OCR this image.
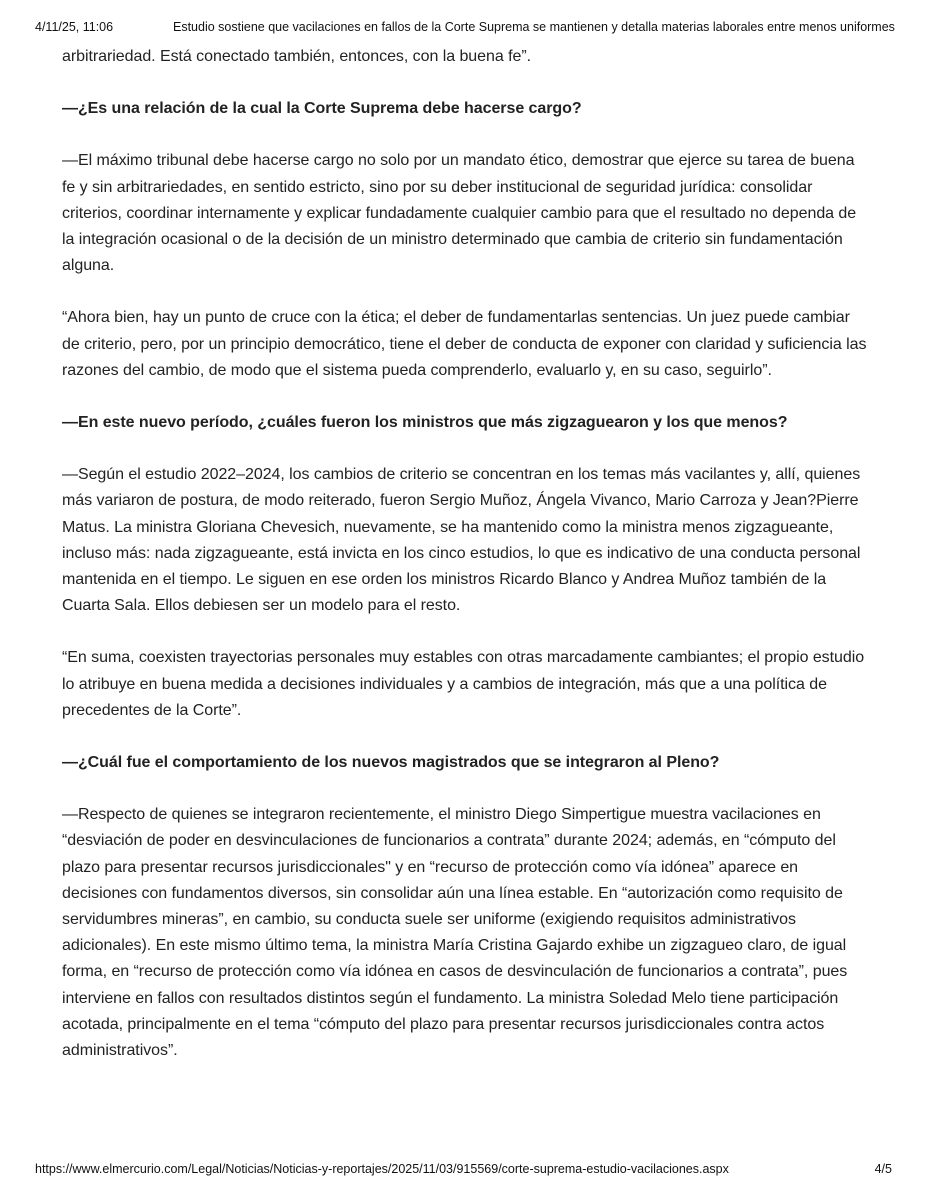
4/11/25, 11:06	Estudio sostiene que vacilaciones en fallos de la Corte Suprema se mantienen y detalla materias laborales entre menos uniformes

arbitrariedad. Está conectado también, entonces, con la buena fe”.

—¿Es una relación de la cual la Corte Suprema debe hacerse cargo?

—El máximo tribunal debe hacerse cargo no solo por un mandato ético, demostrar que ejerce su tarea de buena fe y sin arbitrariedades, en sentido estricto, sino por su deber institucional de seguridad jurídica: consolidar criterios, coordinar internamente y explicar fundadamente cualquier cambio para que el resultado no dependa de la integración ocasional o de la decisión de un ministro determinado que cambia de criterio sin fundamentación alguna.

“Ahora bien, hay un punto de cruce con la ética; el deber de fundamentarlas sentencias. Un juez puede cambiar de criterio, pero, por un principio democrático, tiene el deber de conducta de exponer con claridad y suficiencia las razones del cambio, de modo que el sistema pueda comprenderlo, evaluarlo y, en su caso, seguirlo”.

—En este nuevo período, ¿cuáles fueron los ministros que más zigzaguearon y los que menos?

—Según el estudio 2022–2024, los cambios de criterio se concentran en los temas más vacilantes y, allí, quienes más variaron de postura, de modo reiterado, fueron Sergio Muñoz, Ángela Vivanco, Mario Carroza y Jean?Pierre Matus. La ministra Gloriana Chevesich, nuevamente, se ha mantenido como la ministra menos zigzagueante, incluso más: nada zigzagueante, está invicta en los cinco estudios, lo que es indicativo de una conducta personal mantenida en el tiempo. Le siguen en ese orden los ministros Ricardo Blanco y Andrea Muñoz también de la Cuarta Sala. Ellos debiesen ser un modelo para el resto.

“En suma, coexisten trayectorias personales muy estables con otras marcadamente cambiantes; el propio estudio lo atribuye en buena medida a decisiones individuales y a cambios de integración, más que a una política de precedentes de la Corte”.

—¿Cuál fue el comportamiento de los nuevos magistrados que se integraron al Pleno?

—Respecto de quienes se integraron recientemente, el ministro Diego Simpertigue muestra vacilaciones en “desviación de poder en desvinculaciones de funcionarios a contrata” durante 2024; además, en “cómputo del plazo para presentar recursos jurisdiccionales" y en “recurso de protección como vía idónea” aparece en decisiones con fundamentos diversos, sin consolidar aún una línea estable. En “autorización como requisito de servidumbres mineras”, en cambio, su conducta suele ser uniforme (exigiendo requisitos administrativos adicionales). En este mismo último tema, la ministra María Cristina Gajardo exhibe un zigzagueo claro, de igual forma, en “recurso de protección como vía idónea en casos de desvinculación de funcionarios a contrata”, pues interviene en fallos con resultados distintos según el fundamento. La ministra Soledad Melo tiene participación acotada, principalmente en el tema “cómputo del plazo para presentar recursos jurisdiccionales contra actos administrativos”.

https://www.elmercurio.com/Legal/Noticias/Noticias-y-reportajes/2025/11/03/915569/corte-suprema-estudio-vacilaciones.aspx	4/5
